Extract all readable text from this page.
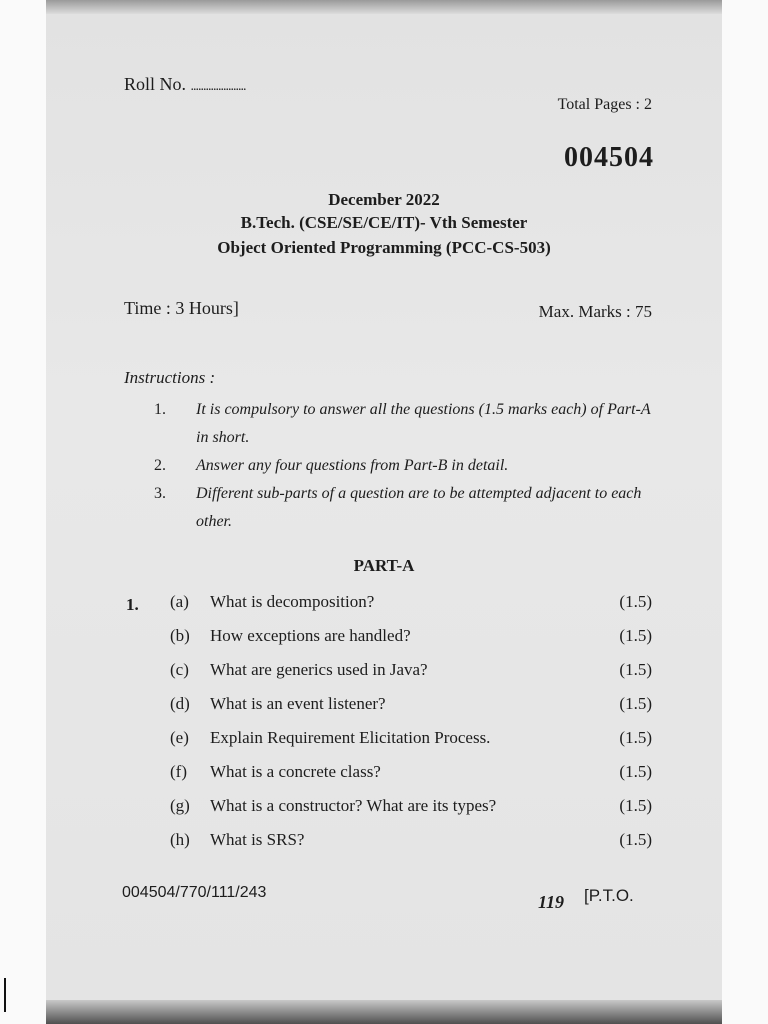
Roll No. ......................
Total Pages : 2
004504
December 2022
B.Tech. (CSE/SE/CE/IT)- Vth Semester
Object Oriented Programming (PCC-CS-503)
Time : 3 Hours]	Max. Marks : 75
Instructions :
1.	It is compulsory to answer all the questions (1.5 marks each) of Part-A in short.
2.	Answer any four questions from Part-B in detail.
3.	Different sub-parts of a question are to be attempted adjacent to each other.
PART-A
1. (a)	What is decomposition?	(1.5)
(b)	How exceptions are handled?	(1.5)
(c)	What are generics used in Java?	(1.5)
(d)	What is an event listener?	(1.5)
(e)	Explain Requirement Elicitation Process.	(1.5)
(f)	What is a concrete class?	(1.5)
(g)	What is a constructor? What are its types?	(1.5)
(h)	What is SRS?	(1.5)
004504/770/111/243	119 [P.T.O.
